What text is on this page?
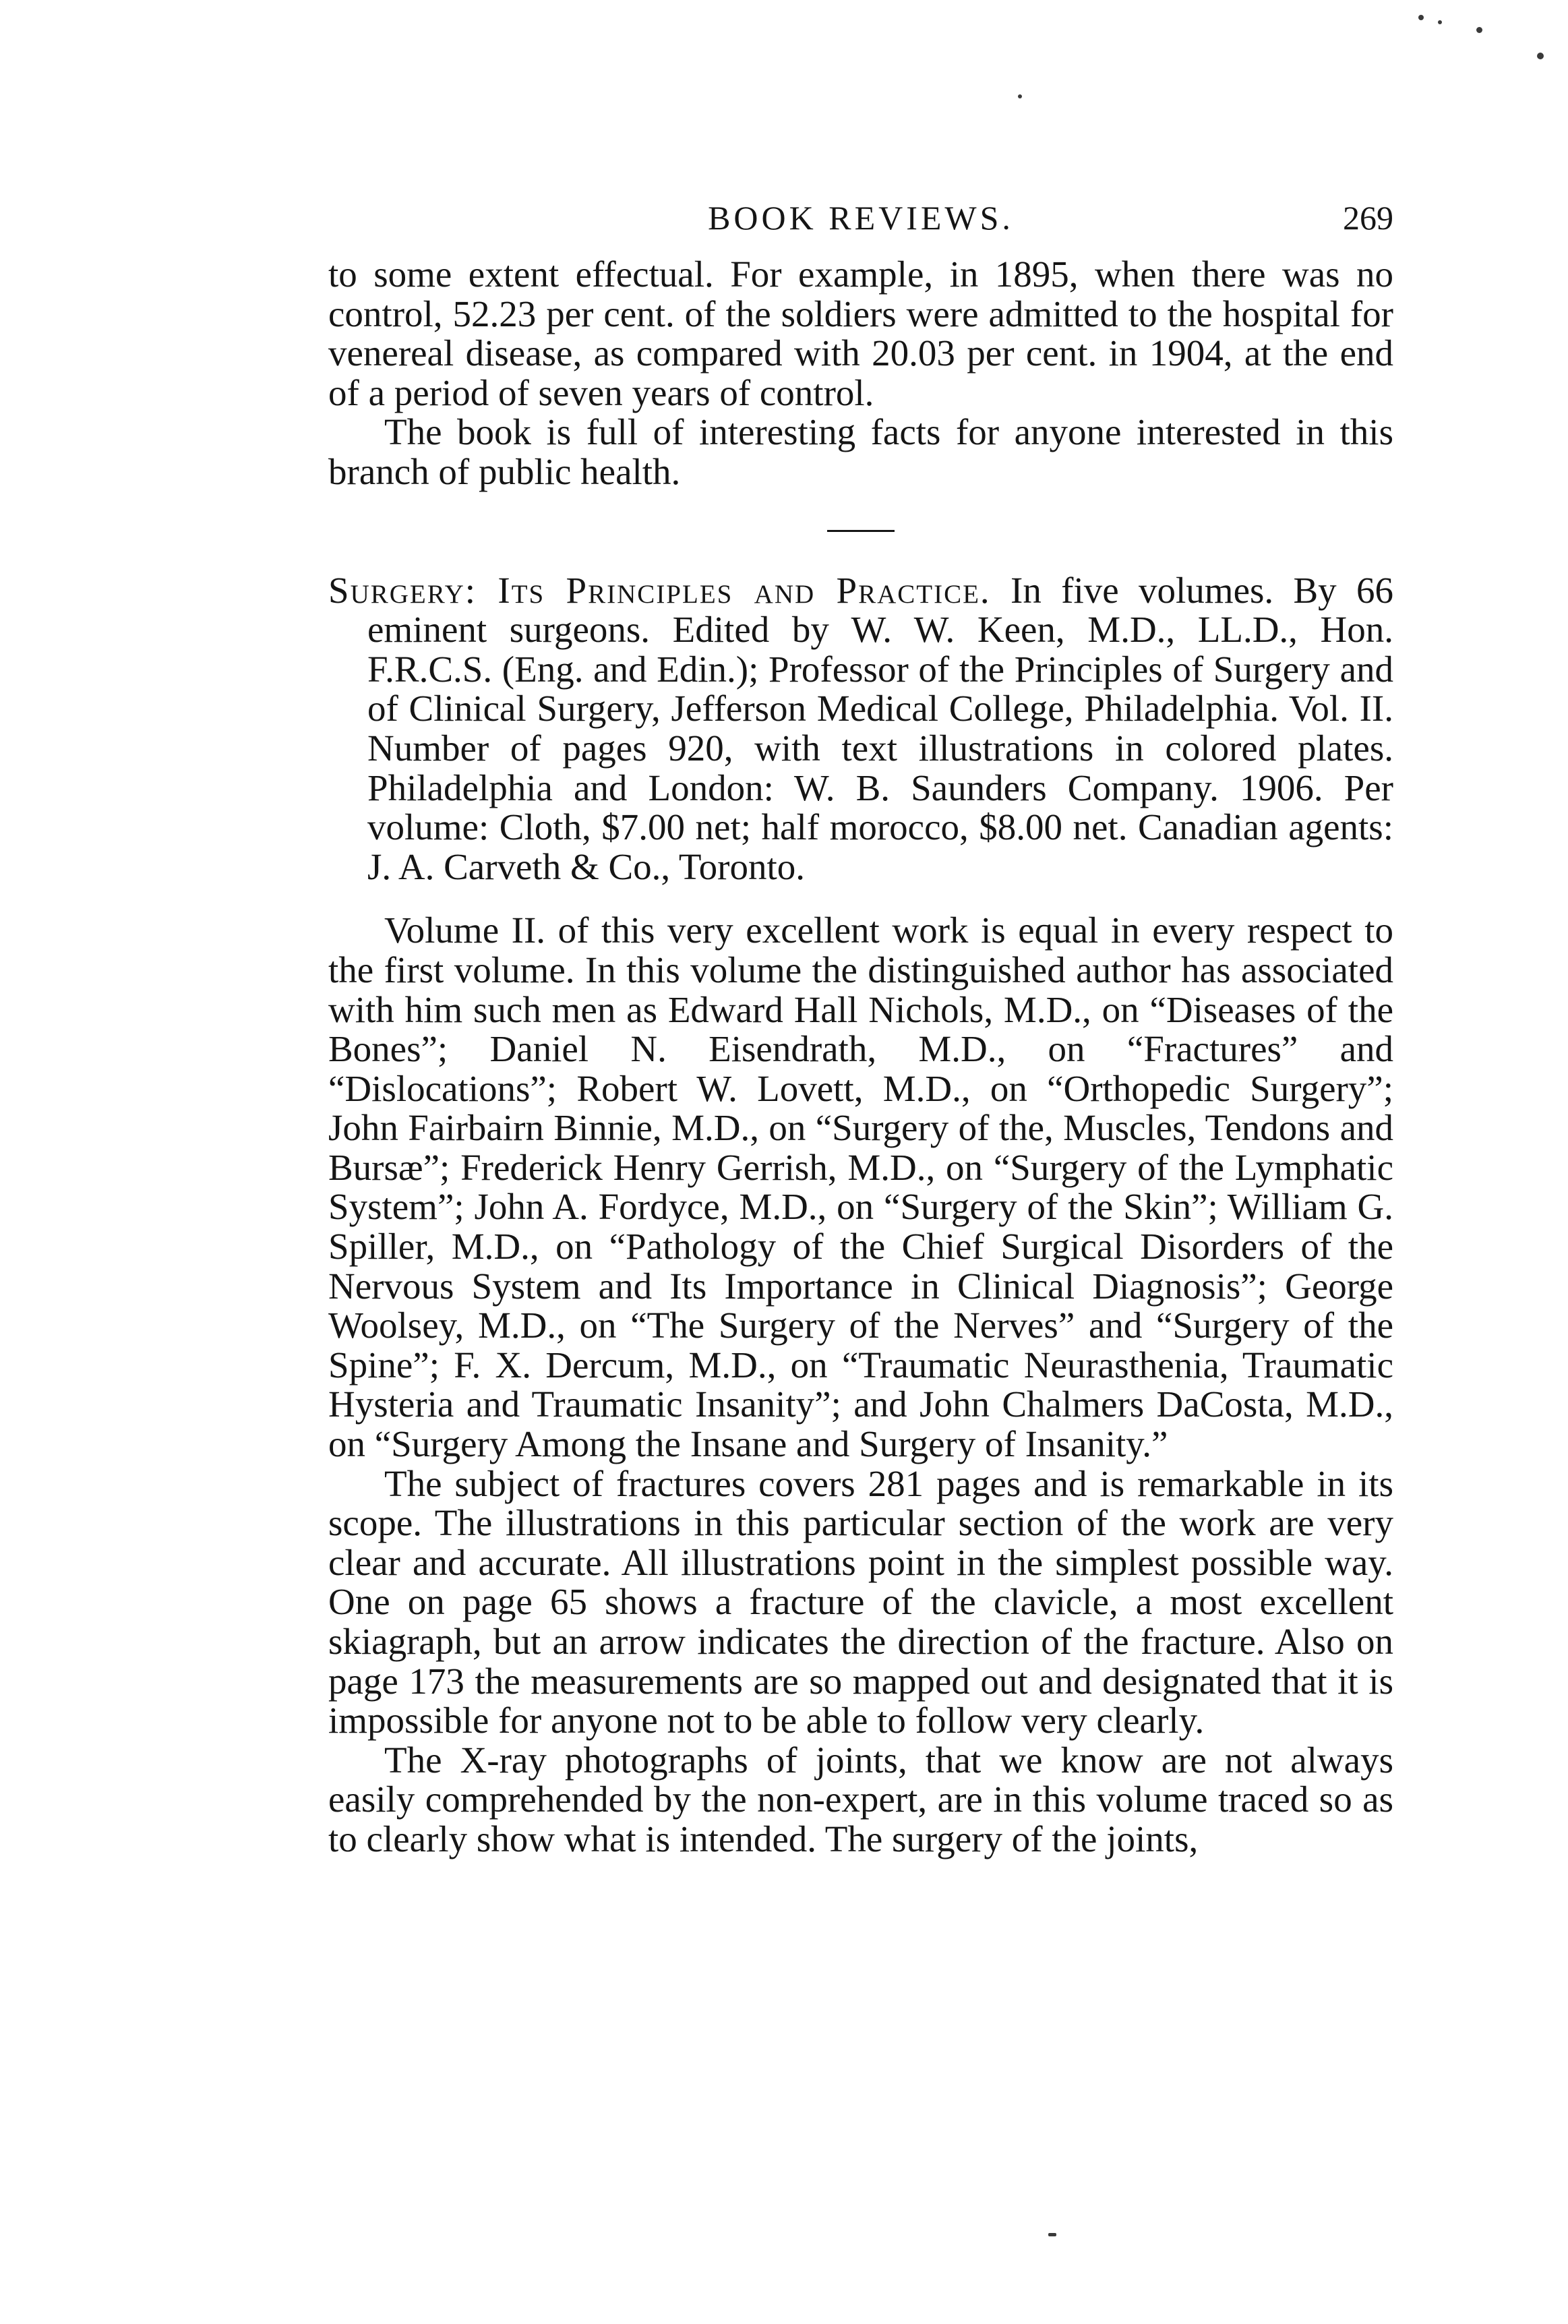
BOOK REVIEWS.	269

to some extent effectual. For example, in 1895, when there was no control, 52.23 per cent. of the soldiers were admitted to the hospital for venereal disease, as compared with 20.03 per cent. in 1904, at the end of a period of seven years of control.

The book is full of interesting facts for anyone interested in this branch of public health.

Surgery: Its Principles and Practice. In five volumes. By 66 eminent surgeons. Edited by W. W. Keen, M.D., LL.D., Hon. F.R.C.S. (Eng. and Edin.); Professor of the Principles of Surgery and of Clinical Surgery, Jefferson Medical College, Philadelphia. Vol. II. Number of pages 920, with text illustrations in colored plates. Philadelphia and London: W. B. Saunders Company. 1906. Per volume: Cloth, $7.00 net; half morocco, $8.00 net. Canadian agents: J. A. Carveth & Co., Toronto.

Volume II. of this very excellent work is equal in every respect to the first volume. In this volume the distinguished author has associated with him such men as Edward Hall Nichols, M.D., on “Diseases of the Bones”; Daniel N. Eisendrath, M.D., on “Fractures” and “Dislocations”; Robert W. Lovett, M.D., on “Orthopedic Surgery”; John Fairbairn Binnie, M.D., on “Surgery of the, Muscles, Tendons and Bursæ”; Frederick Henry Gerrish, M.D., on “Surgery of the Lymphatic System”; John A. Fordyce, M.D., on “Surgery of the Skin”; William G. Spiller, M.D., on “Pathology of the Chief Surgical Disorders of the Nervous System and Its Importance in Clinical Diagnosis”; George Woolsey, M.D., on “The Surgery of the Nerves” and “Surgery of the Spine”; F. X. Dercum, M.D., on “Traumatic Neurasthenia, Traumatic Hysteria and Traumatic Insanity”; and John Chalmers DaCosta, M.D., on “Surgery Among the Insane and Surgery of Insanity.”

The subject of fractures covers 281 pages and is remarkable in its scope. The illustrations in this particular section of the work are very clear and accurate. All illustrations point in the simplest possible way. One on page 65 shows a fracture of the clavicle, a most excellent skiagraph, but an arrow indicates the direction of the fracture. Also on page 173 the measurements are so mapped out and designated that it is impossible for anyone not to be able to follow very clearly.

The X-ray photographs of joints, that we know are not always easily comprehended by the non-expert, are in this volume traced so as to clearly show what is intended. The surgery of the joints,
